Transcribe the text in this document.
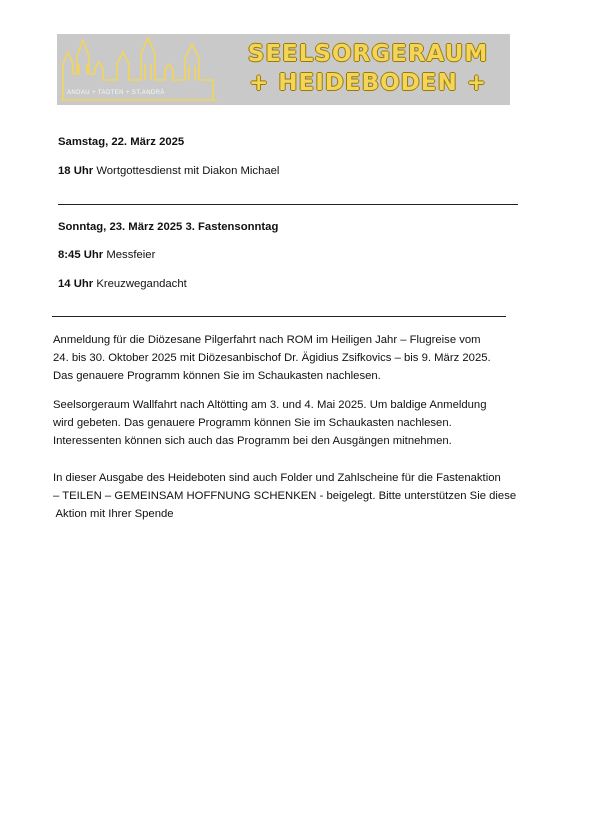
SEELSORGERAUM
+ HEIDEBODEN +
ANDAU + TADTEN + ST.ANDRÄ
Samstag, 22. März 2025
18 Uhr Wortgottesdienst mit Diakon Michael
Sonntag, 23. März 2025 3. Fastensonntag
8:45 Uhr Messfeier
14 Uhr Kreuzwegandacht
Anmeldung für die Diözesane Pilgerfahrt nach ROM im Heiligen Jahr – Flugreise vom
24. bis 30. Oktober 2025 mit Diözesanbischof Dr. Ägidius Zsifkovics – bis 9. März 2025.
Das genauere Programm können Sie im Schaukasten nachlesen.
Seelsorgeraum Wallfahrt nach Altötting am 3. und 4. Mai 2025. Um baldige Anmeldung
wird gebeten. Das genauere Programm können Sie im Schaukasten nachlesen.
Interessenten können sich auch das Programm bei den Ausgängen mitnehmen.
In dieser Ausgabe des Heideboten sind auch Folder und Zahlscheine für die Fastenaktion
– TEILEN – GEMEINSAM HOFFNUNG SCHENKEN - beigelegt. Bitte unterstützen Sie diese
Aktion mit Ihrer Spende
